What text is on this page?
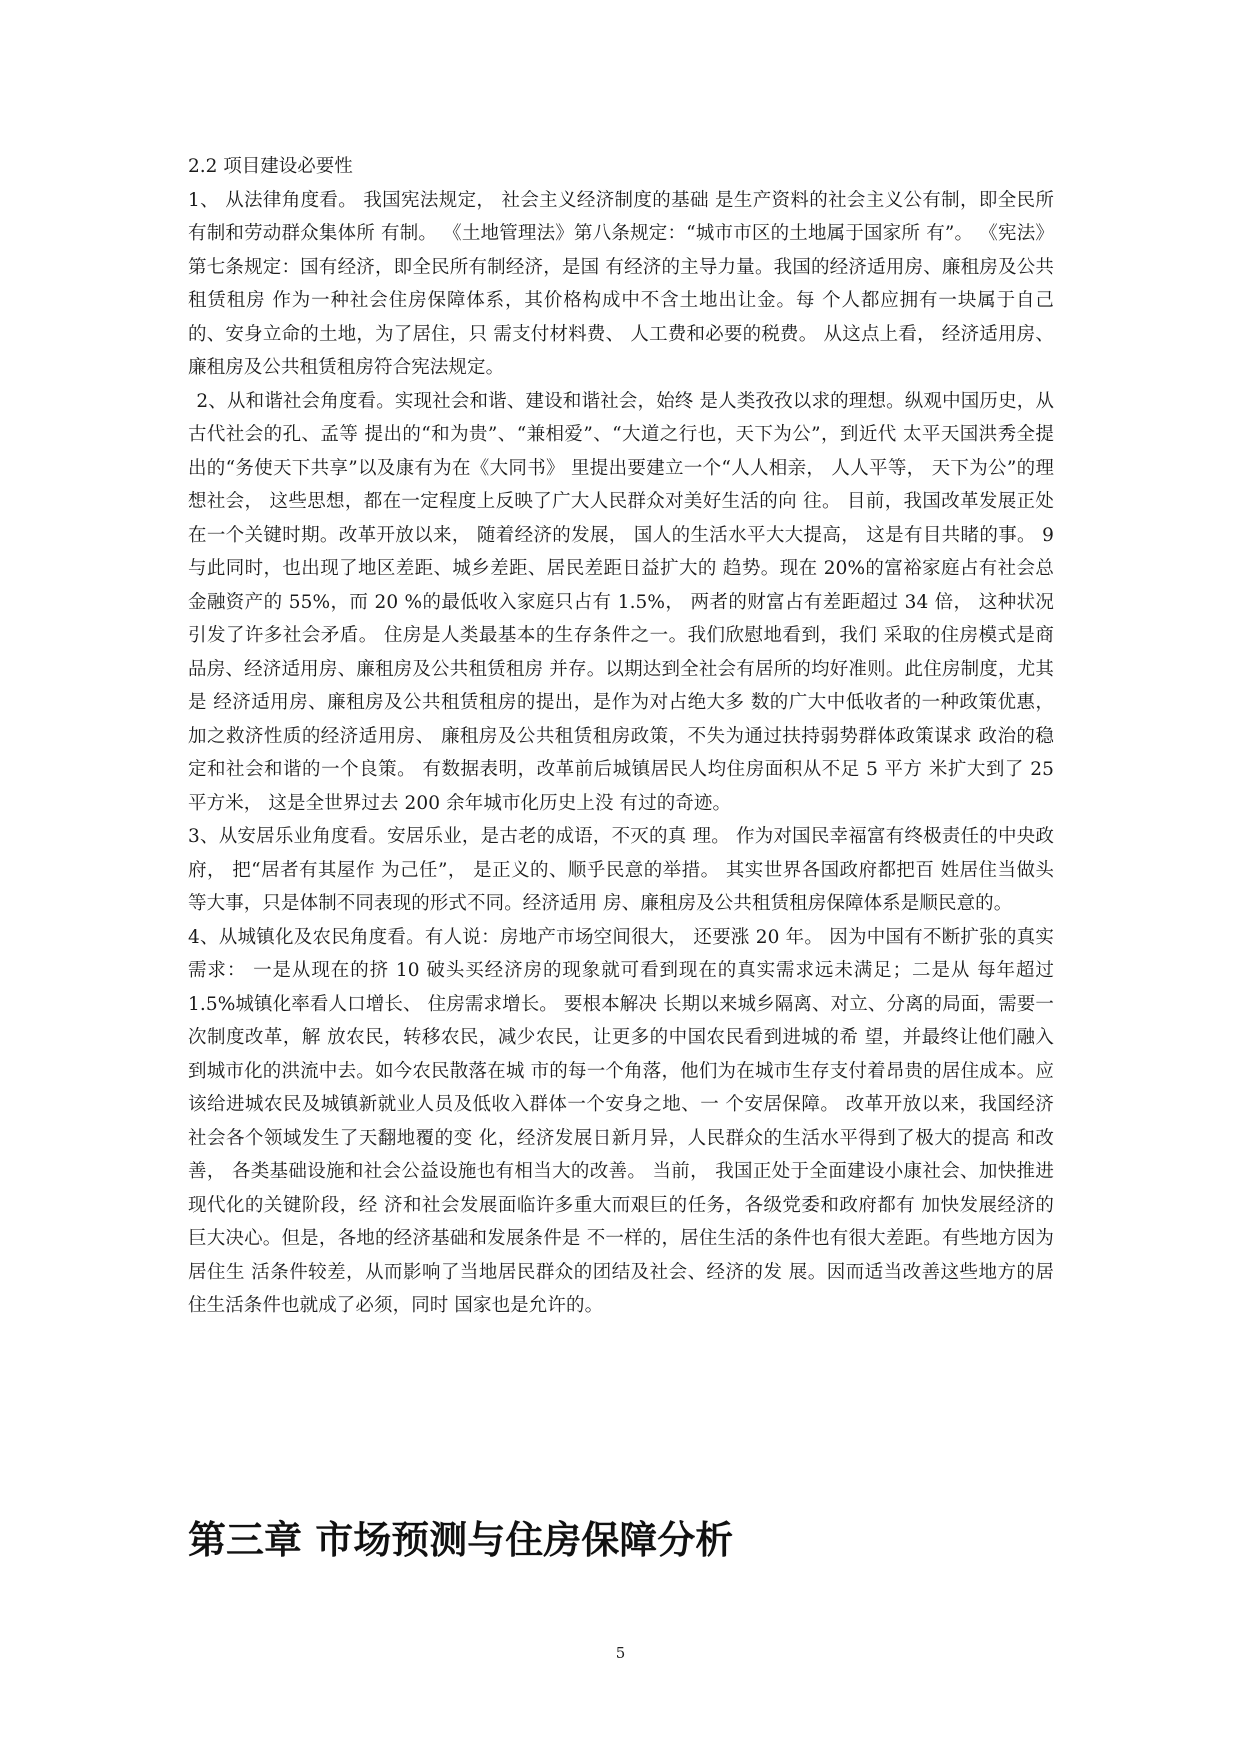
2.2 项目建设必要性

1、 从法律角度看。 我国宪法规定， 社会主义经济制度的基础 是生产资料的社会主义公有制，即全民所有制和劳动群众集体所 有制。 《土地管理法》第八条规定：“城市市区的土地属于国家所 有”。 《宪法》第七条规定：国有经济，即全民所有制经济，是国 有经济的主导力量。我国的经济适用房、廉租房及公共租赁租房 作为一种社会住房保障体系，其价格构成中不含土地出让金。每 个人都应拥有一块属于自己的、安身立命的土地，为了居住，只 需支付材料费、 人工费和必要的税费。 从这点上看， 经济适用房、 廉租房及公共租赁租房符合宪法规定。

2、从和谐社会角度看。实现社会和谐、建设和谐社会，始终 是人类孜孜以求的理想。纵观中国历史，从古代社会的孔、孟等 提出的“和为贵”、“兼相爱”、“大道之行也，天下为公”，到近代 太平天国洪秀全提出的“务使天下共享”以及康有为在《大同书》 里提出要建立一个“人人相亲， 人人平等， 天下为公”的理想社会， 这些思想，都在一定程度上反映了广大人民群众对美好生活的向 往。 目前，我国改革发展正处在一个关键时期。改革开放以来， 随着经济的发展， 国人的生活水平大大提高， 这是有目共睹的事。 9 与此同时，也出现了地区差距、城乡差距、居民差距日益扩大的 趋势。现在 20%的富裕家庭占有社会总金融资产的 55%，而 20 %的最低收入家庭只占有 1.5%， 两者的财富占有差距超过 34 倍， 这种状况引发了许多社会矛盾。 住房是人类最基本的生存条件之一。我们欣慰地看到，我们 采取的住房模式是商品房、经济适用房、廉租房及公共租赁租房 并存。以期达到全社会有居所的均好准则。此住房制度，尤其是 经济适用房、廉租房及公共租赁租房的提出，是作为对占绝大多 数的广大中低收者的一种政策优惠， 加之救济性质的经济适用房、 廉租房及公共租赁租房政策，不失为通过扶持弱势群体政策谋求 政治的稳定和社会和谐的一个良策。 有数据表明，改革前后城镇居民人均住房面积从不足 5 平方 米扩大到了 25 平方米， 这是全世界过去 200 余年城市化历史上没 有过的奇迹。

3、从安居乐业角度看。安居乐业，是古老的成语，不灭的真 理。 作为对国民幸福富有终极责任的中央政府， 把“居者有其屋作 为己任”， 是正义的、顺乎民意的举措。 其实世界各国政府都把百 姓居住当做头等大事，只是体制不同表现的形式不同。经济适用 房、廉租房及公共租赁租房保障体系是顺民意的。

4、从城镇化及农民角度看。有人说：房地产市场空间很大， 还要涨 20 年。 因为中国有不断扩张的真实需求： 一是从现在的挤 10 破头买经济房的现象就可看到现在的真实需求远未满足；二是从 每年超过 1.5%城镇化率看人口增长、 住房需求增长。 要根本解决 长期以来城乡隔离、对立、分离的局面，需要一次制度改革，解 放农民，转移农民，减少农民，让更多的中国农民看到进城的希 望，并最终让他们融入到城市化的洪流中去。如今农民散落在城 市的每一个角落，他们为在城市生存支付着昂贵的居住成本。应 该给进城农民及城镇新就业人员及低收入群体一个安身之地、一 个安居保障。 改革开放以来，我国经济社会各个领域发生了天翻地覆的变 化，经济发展日新月异，人民群众的生活水平得到了极大的提高 和改善， 各类基础设施和社会公益设施也有相当大的改善。 当前， 我国正处于全面建设小康社会、加快推进现代化的关键阶段，经 济和社会发展面临许多重大而艰巨的任务，各级党委和政府都有 加快发展经济的巨大决心。但是，各地的经济基础和发展条件是 不一样的，居住生活的条件也有很大差距。有些地方因为居住生 活条件较差，从而影响了当地居民群众的团结及社会、经济的发 展。因而适当改善这些地方的居住生活条件也就成了必须，同时 国家也是允许的。

第三章 市场预测与住房保障分析
5
